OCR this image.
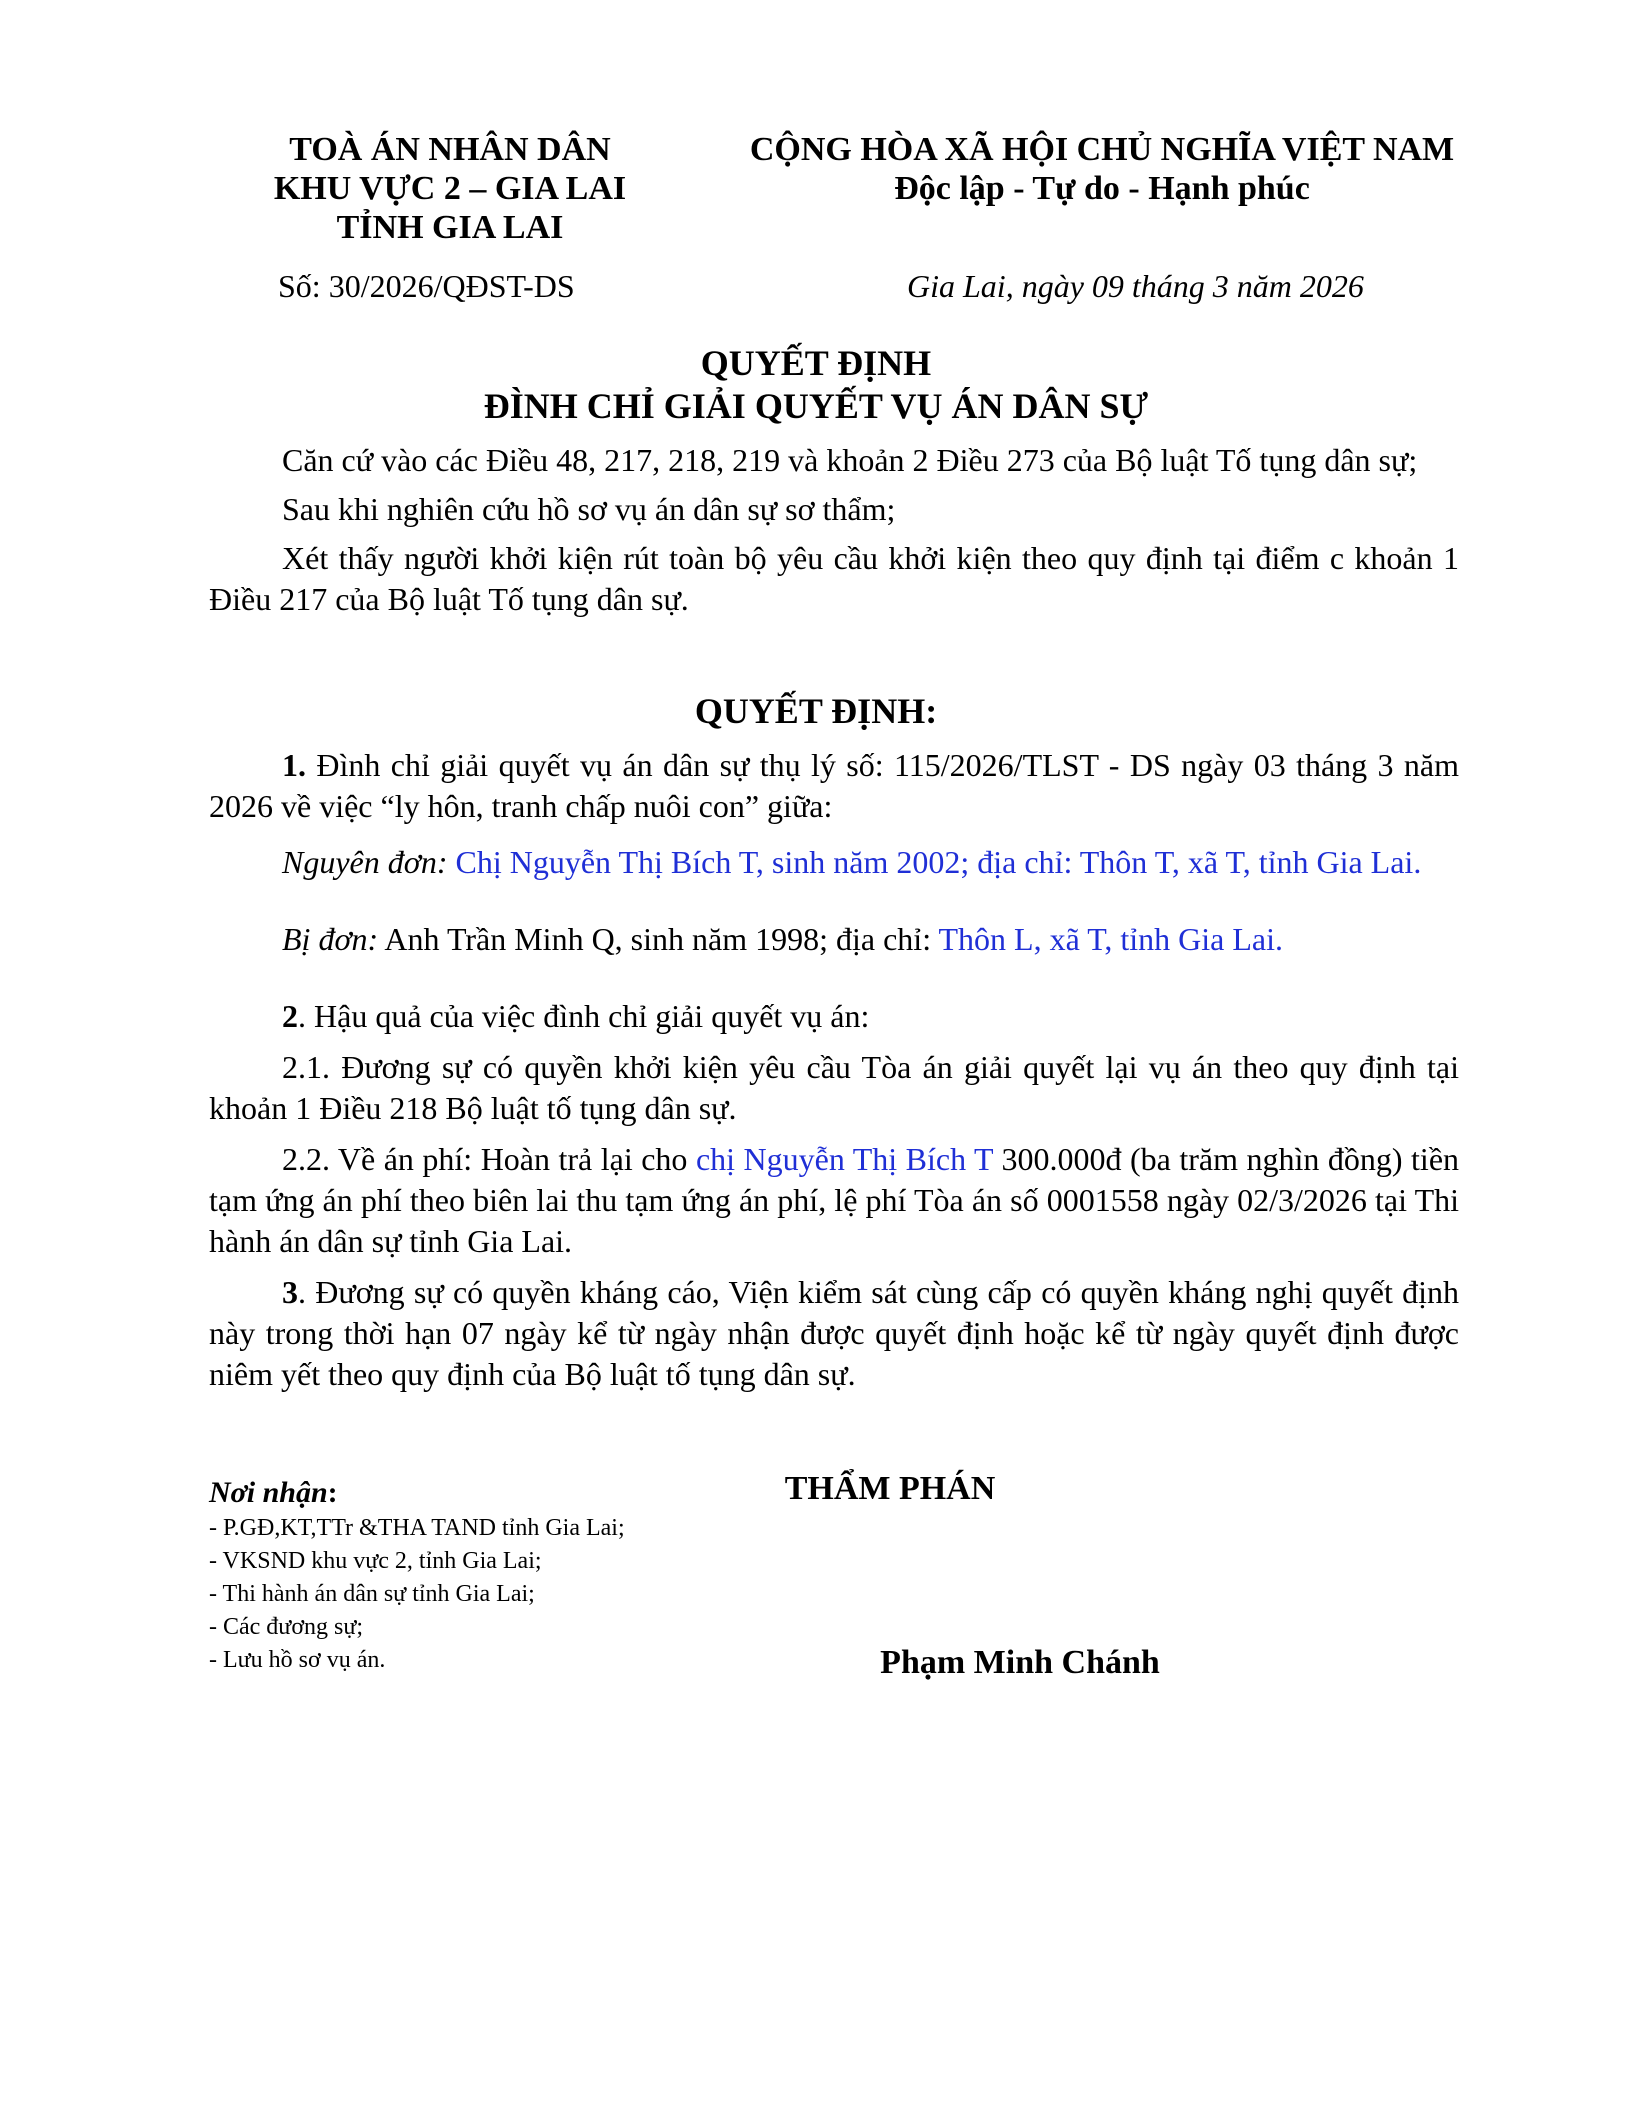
TOÀ ÁN NHÂN DÂN
KHU VỰC 2 – GIA LAI
TỈNH GIA LAI
CỘNG HÒA XÃ HỘI CHỦ NGHĨA VIỆT NAM
Độc lập - Tự do - Hạnh phúc
Số: 30/2026/QĐST-DS	Gia Lai, ngày 09 tháng 3 năm 2026
QUYẾT ĐỊNH
ĐÌNH CHỈ GIẢI QUYẾT VỤ ÁN DÂN SỰ

Căn cứ vào các Điều 48, 217, 218, 219 và khoản 2 Điều 273 của Bộ luật Tố tụng dân sự;

Sau khi nghiên cứu hồ sơ vụ án dân sự sơ thẩm;

Xét thấy người khởi kiện rút toàn bộ yêu cầu khởi kiện theo quy định tại điểm c khoản 1 Điều 217 của Bộ luật Tố tụng dân sự.

QUYẾT ĐỊNH:

1. Đình chỉ giải quyết vụ án dân sự thụ lý số: 115/2026/TLST - DS ngày 03 tháng 3 năm 2026 về việc “ly hôn, tranh chấp nuôi con” giữa:

Nguyên đơn: Chị Nguyễn Thị Bích T, sinh năm 2002; địa chỉ: Thôn T, xã T, tỉnh Gia Lai.

Bị đơn: Anh Trần Minh Q, sinh năm 1998; địa chỉ: Thôn L, xã T, tỉnh Gia Lai.

2. Hậu quả của việc đình chỉ giải quyết vụ án:

2.1. Đương sự có quyền khởi kiện yêu cầu Tòa án giải quyết lại vụ án theo quy định tại khoản 1 Điều 218 Bộ luật tố tụng dân sự.

2.2. Về án phí: Hoàn trả lại cho chị Nguyễn Thị Bích T 300.000đ (ba trăm nghìn đồng) tiền tạm ứng án phí theo biên lai thu tạm ứng án phí, lệ phí Tòa án số 0001558 ngày 02/3/2026 tại Thi hành án dân sự tỉnh Gia Lai.

3. Đương sự có quyền kháng cáo, Viện kiểm sát cùng cấp có quyền kháng nghị quyết định này trong thời hạn 07 ngày kể từ ngày nhận được quyết định hoặc kể từ ngày quyết định được niêm yết theo quy định của Bộ luật tố tụng dân sự.

Nơi nhận:
- P.GĐ,KT,TTr &THA TAND tỉnh Gia Lai;
- VKSND khu vực 2, tỉnh Gia Lai;
- Thi hành án dân sự tỉnh Gia Lai;
- Các đương sự;
- Lưu hồ sơ vụ án.
THẨM PHÁN
Phạm Minh Chánh
